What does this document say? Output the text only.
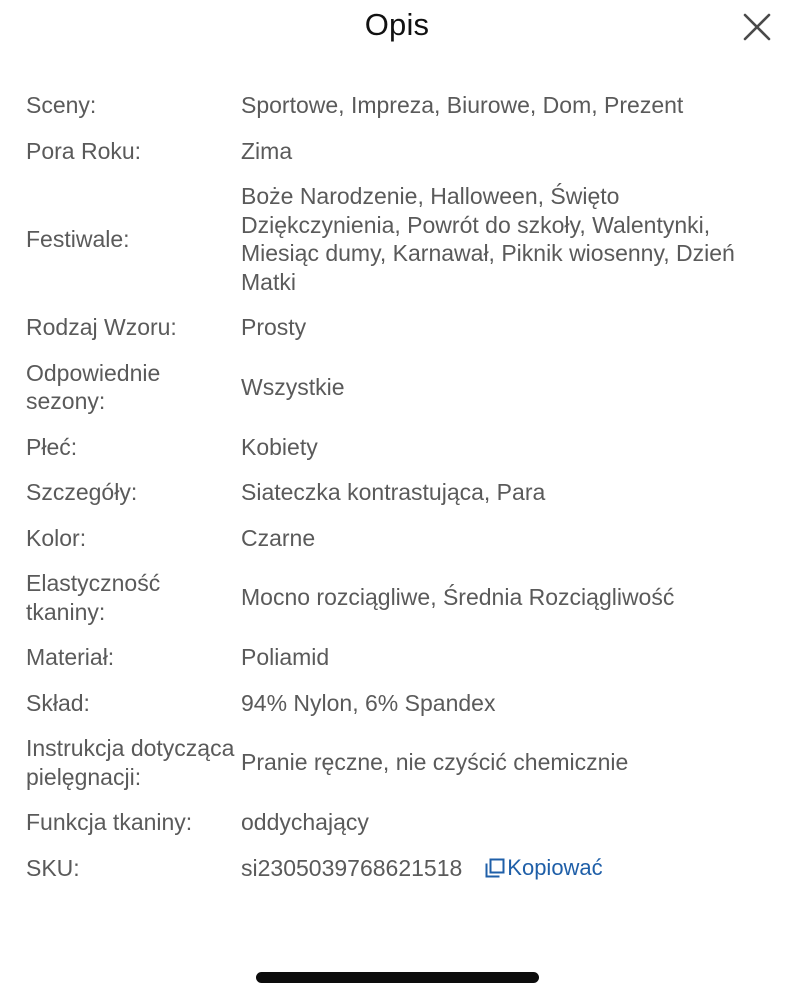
Opis
Sceny:	Sportowe, Impreza, Biurowe, Dom, Prezent
Pora Roku:	Zima
Festiwale:
Boże Narodzenie, Halloween, Święto Dziękczynienia, Powrót do szkoły, Walentynki, Miesiąc dumy, Karnawał, Piknik wiosenny, Dzień Matki
Rodzaj Wzoru:	Prosty
Odpowiednie sezony:
Wszystkie
Płeć:	Kobiety
Szczegóły:	Siateczka kontrastująca, Para
Kolor:	Czarne
Elastyczność tkaniny:
Mocno rozciągliwe, Średnia Rozciągliwość
Materiał:	Poliamid
Skład:	94% Nylon, 6% Spandex
Instrukcja dotycząca pielęgnacji:
Pranie ręczne, nie czyścić chemicznie
Funkcja tkaniny:	oddychający
SKU:	si2305039768621518 Kopiować
